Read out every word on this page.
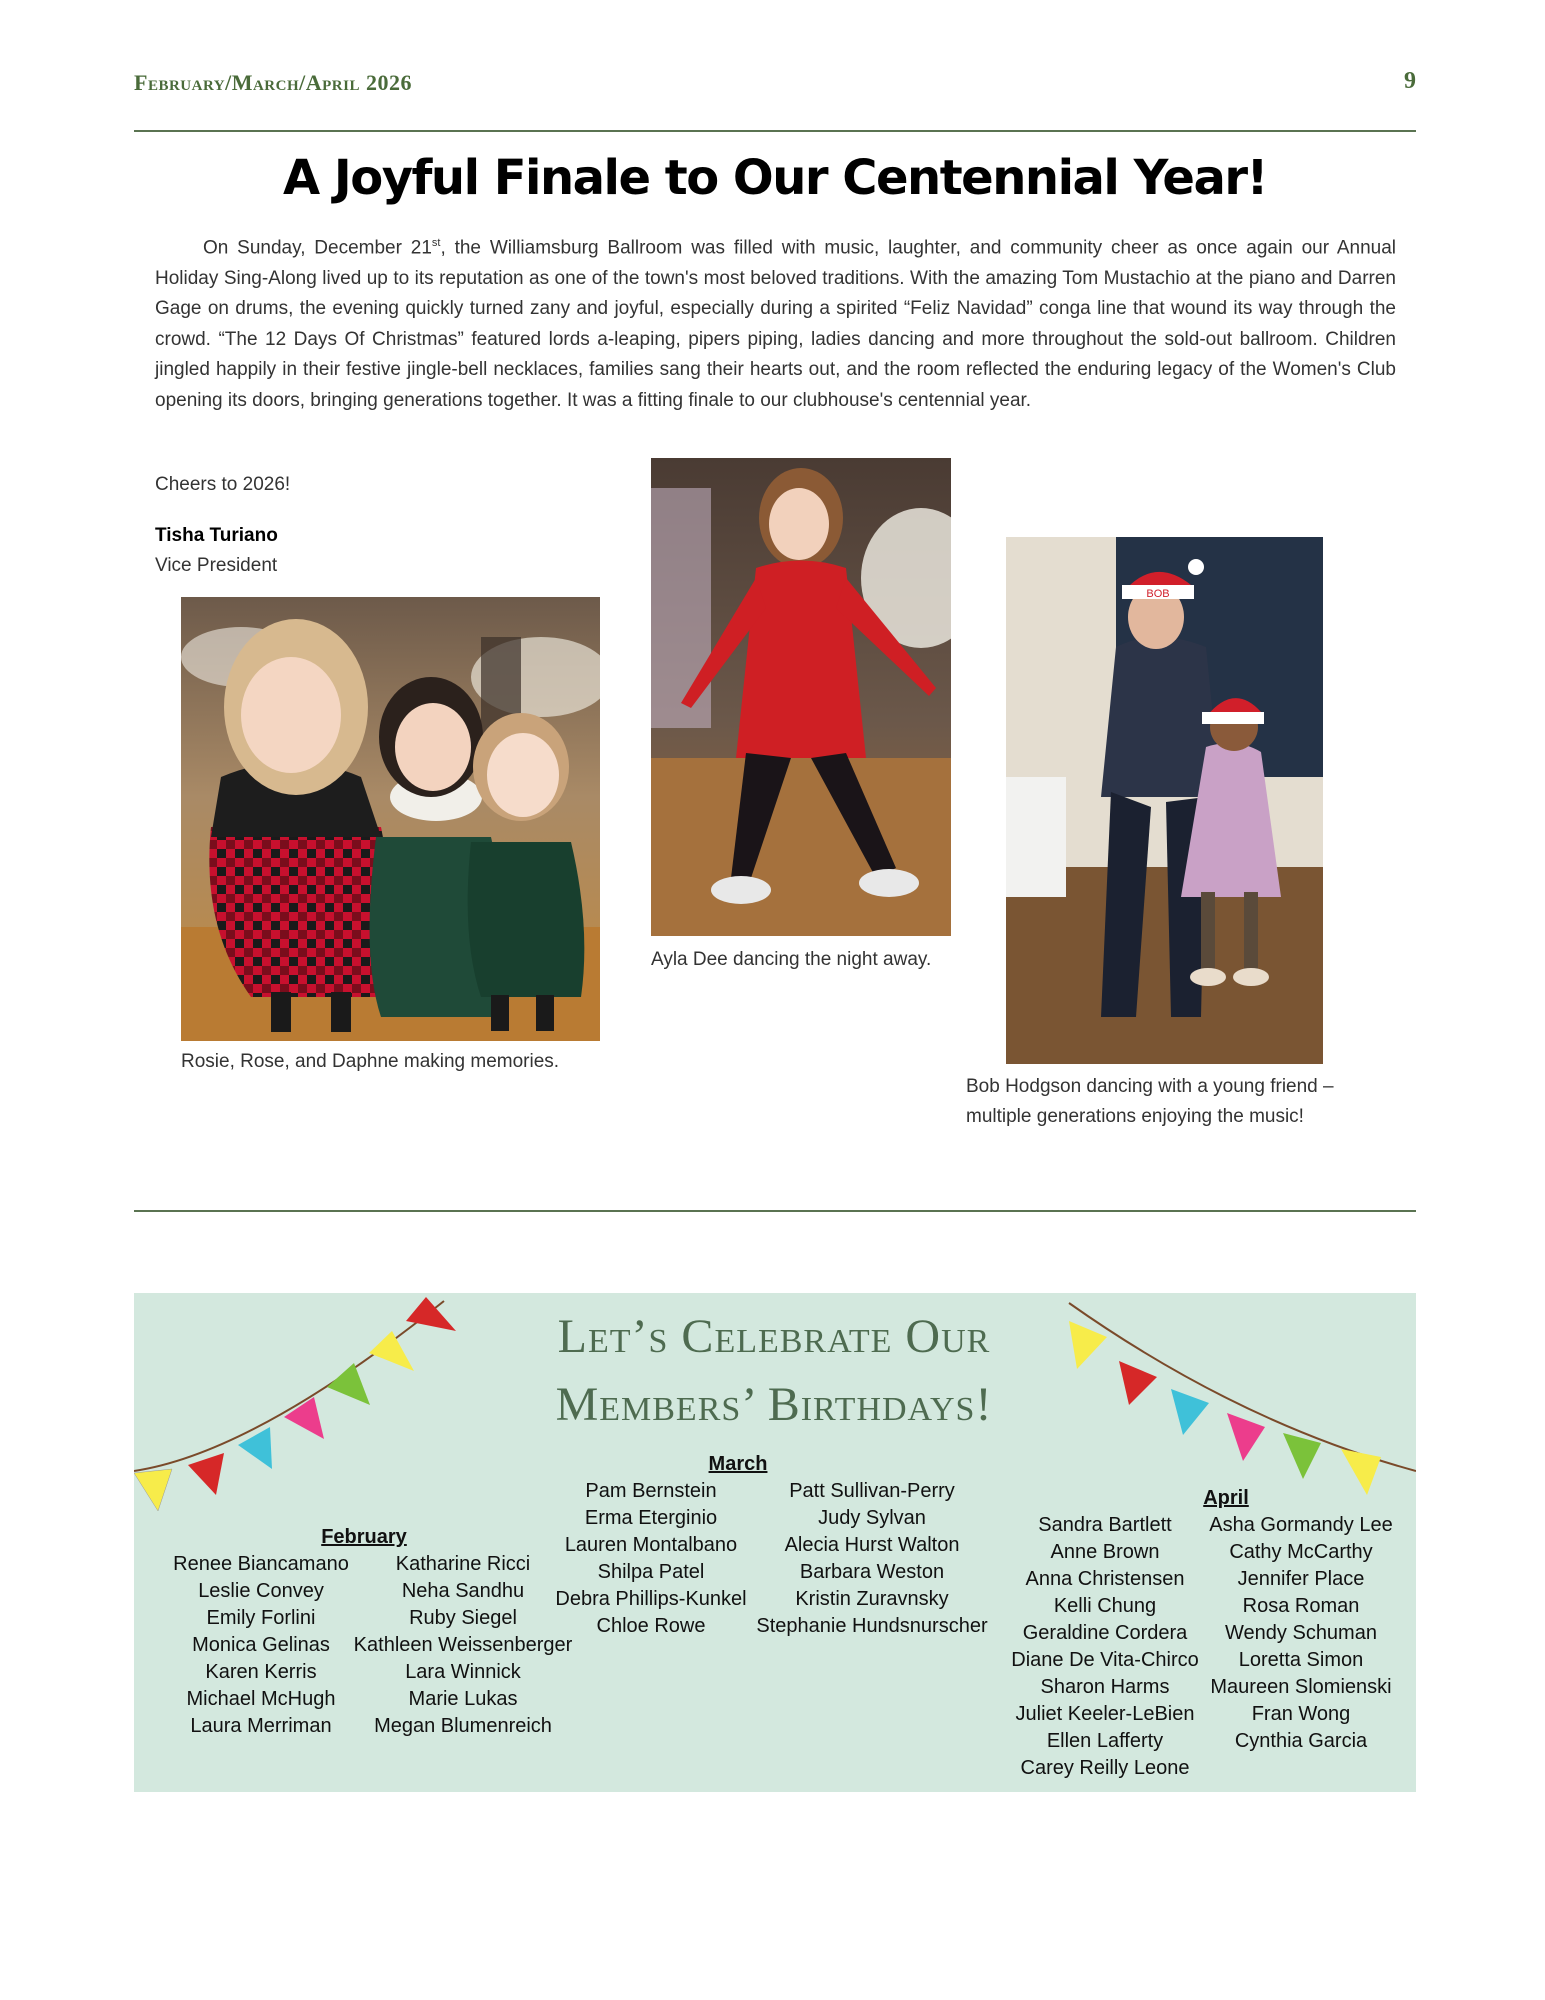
February/March/April 2026	9
A Joyful Finale to Our Centennial Year!

On Sunday, December 21st, the Williamsburg Ballroom was filled with music, laughter, and community cheer as once again our Annual Holiday Sing-Along lived up to its reputation as one of the town's most beloved traditions. With the amazing Tom Mustachio at the piano and Darren Gage on drums, the evening quickly turned zany and joyful, especially during a spirited “Feliz Navidad” conga line that wound its way through the crowd. “The 12 Days Of Christmas” featured lords a-leaping, pipers piping, ladies dancing and more throughout the sold-out ballroom. Children jingled happily in their festive jingle-bell necklaces, families sang their hearts out, and the room reflected the enduring legacy of the Women's Club opening its doors, bringing generations together. It was a fitting finale to our clubhouse's centennial year.

Cheers to 2026!
Tisha Turiano
Vice President
Rosie, Rose, and Daphne making memories.
Ayla Dee dancing the night away.
BOB
Bob Hodgson dancing with a young friend –
multiple generations enjoying the music!
Let’s Celebrate Our
Members’ Birthdays!
February
Renee Biancamano
Leslie Convey
Emily Forlini
Monica Gelinas
Karen Kerris
Michael McHugh
Laura Merriman
Katharine Ricci
Neha Sandhu
Ruby Siegel
Kathleen Weissenberger
Lara Winnick
Marie Lukas
Megan Blumenreich
March
Pam Bernstein
Erma Eterginio
Lauren Montalbano
Shilpa Patel
Debra Phillips-Kunkel
Chloe Rowe
Patt Sullivan-Perry
Judy Sylvan
Alecia Hurst Walton
Barbara Weston
Kristin Zuravnsky
Stephanie Hundsnurscher
April
Sandra Bartlett
Anne Brown
Anna Christensen
Kelli Chung
Geraldine Cordera
Diane De Vita-Chirco
Sharon Harms
Juliet Keeler-LeBien
Ellen Lafferty
Carey Reilly Leone
Asha Gormandy Lee
Cathy McCarthy
Jennifer Place
Rosa Roman
Wendy Schuman
Loretta Simon
Maureen Slomienski
Fran Wong
Cynthia Garcia
